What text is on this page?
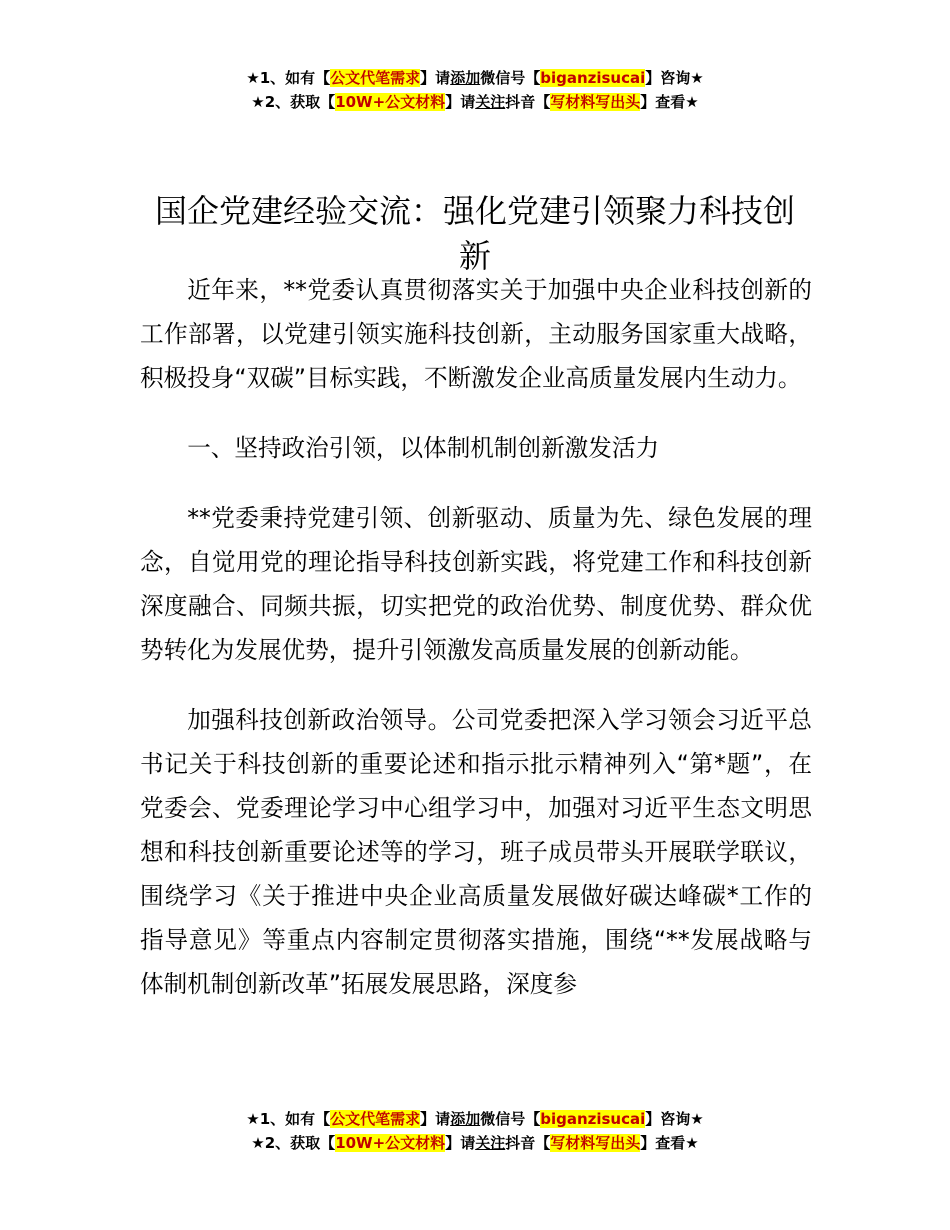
★1、如有【公文代笔需求】请添加微信号【biganzisucai】咨询★
★2、获取【10W+公文材料】请关注抖音【写材料写出头】查看★
国企党建经验交流：强化党建引领聚力科技创新

近年来，**党委认真贯彻落实关于加强中央企业科技创新的工作部署，以党建引领实施科技创新，主动服务国家重大战略，积极投身“双碳”目标实践，不断激发企业高质量发展内生动力。

一、坚持政治引领，以体制机制创新激发活力

**党委秉持党建引领、创新驱动、质量为先、绿色发展的理念，自觉用党的理论指导科技创新实践，将党建工作和科技创新深度融合、同频共振，切实把党的政治优势、制度优势、群众优势转化为发展优势，提升引领激发高质量发展的创新动能。

加强科技创新政治领导。公司党委把深入学习领会习近平总书记关于科技创新的重要论述和指示批示精神列入“第*题”，在党委会、党委理论学习中心组学习中，加强对习近平生态文明思想和科技创新重要论述等的学习，班子成员带头开展联学联议，围绕学习《关于推进中央企业高质量发展做好碳达峰碳*工作的指导意见》等重点内容制定贯彻落实措施，围绕“**发展战略与体制机制创新改革”拓展发展思路，深度参

★1、如有【公文代笔需求】请添加微信号【biganzisucai】咨询★
★2、获取【10W+公文材料】请关注抖音【写材料写出头】查看★
